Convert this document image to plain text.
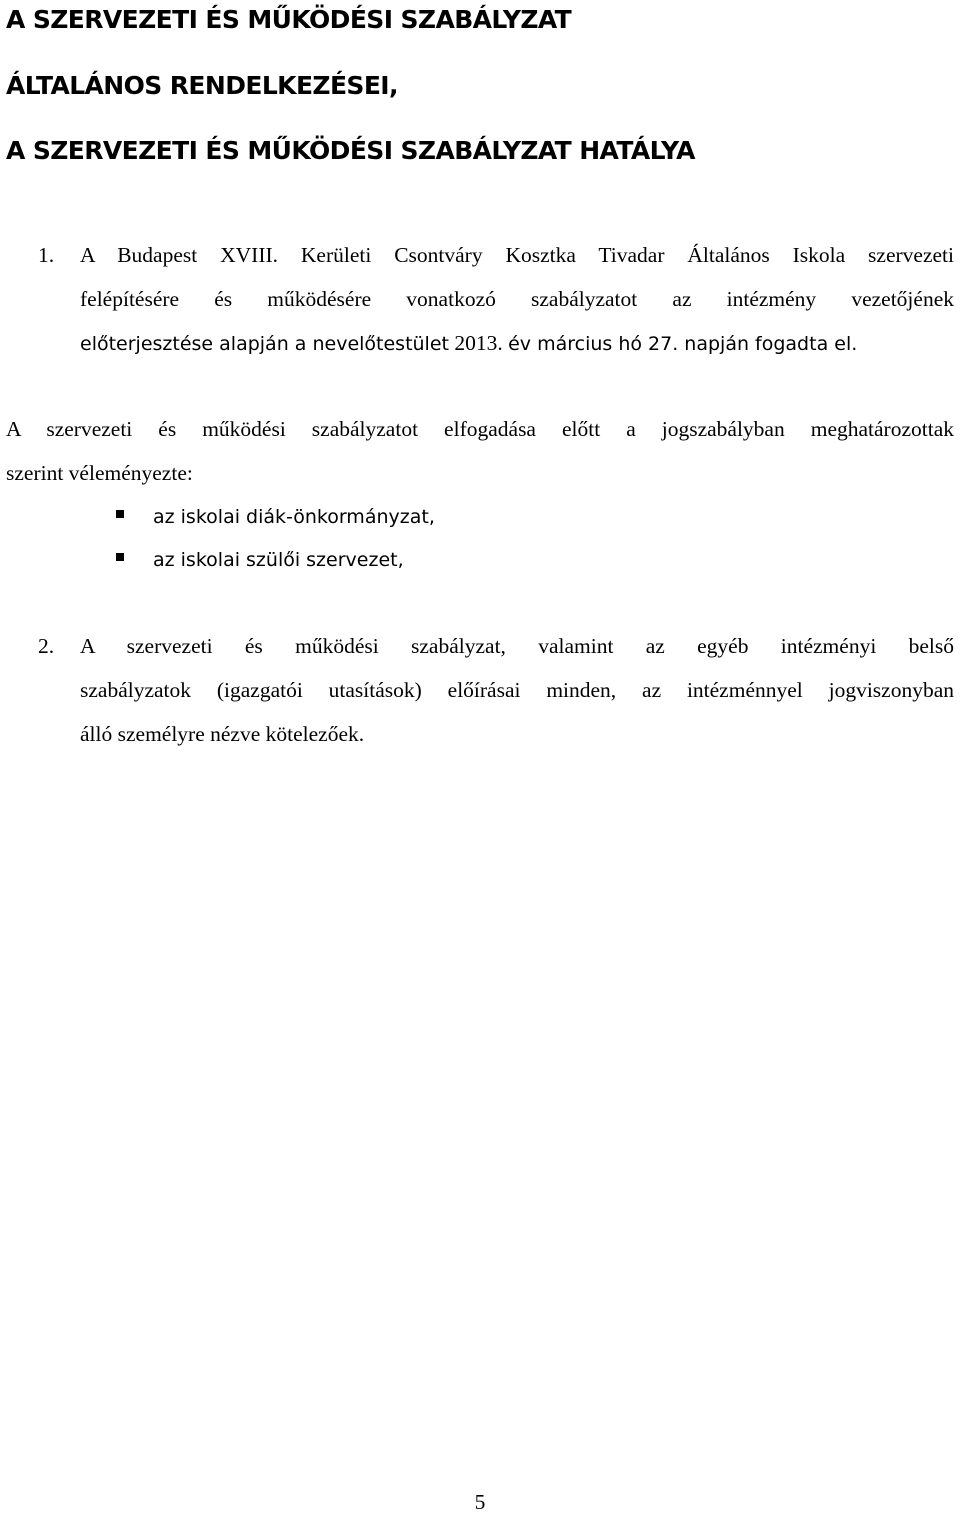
A SZERVEZETI ÉS MŰKÖDÉSI SZABÁLYZAT
ÁLTALÁNOS RENDELKEZÉSEI,
A SZERVEZETI ÉS MŰKÖDÉSI SZABÁLYZAT HATÁLYA
1. A Budapest XVIII. Kerületi Csontváry Kosztka Tivadar Általános Iskola szervezeti
felépítésére és működésére vonatkozó szabályzatot az intézmény vezetőjének
előterjesztése alapján a nevelőtestület 2013. év március hó 27. napján fogadta el.
A szervezeti és működési szabályzatot elfogadása előtt a jogszabályban meghatározottak
szerint véleményezte:
az iskolai diák-önkormányzat,
az iskolai szülői szervezet,
2. A szervezeti és működési szabályzat, valamint az egyéb intézményi belső
szabályzatok (igazgatói utasítások) előírásai minden, az intézménnyel jogviszonyban
álló személyre nézve kötelezőek.
5
